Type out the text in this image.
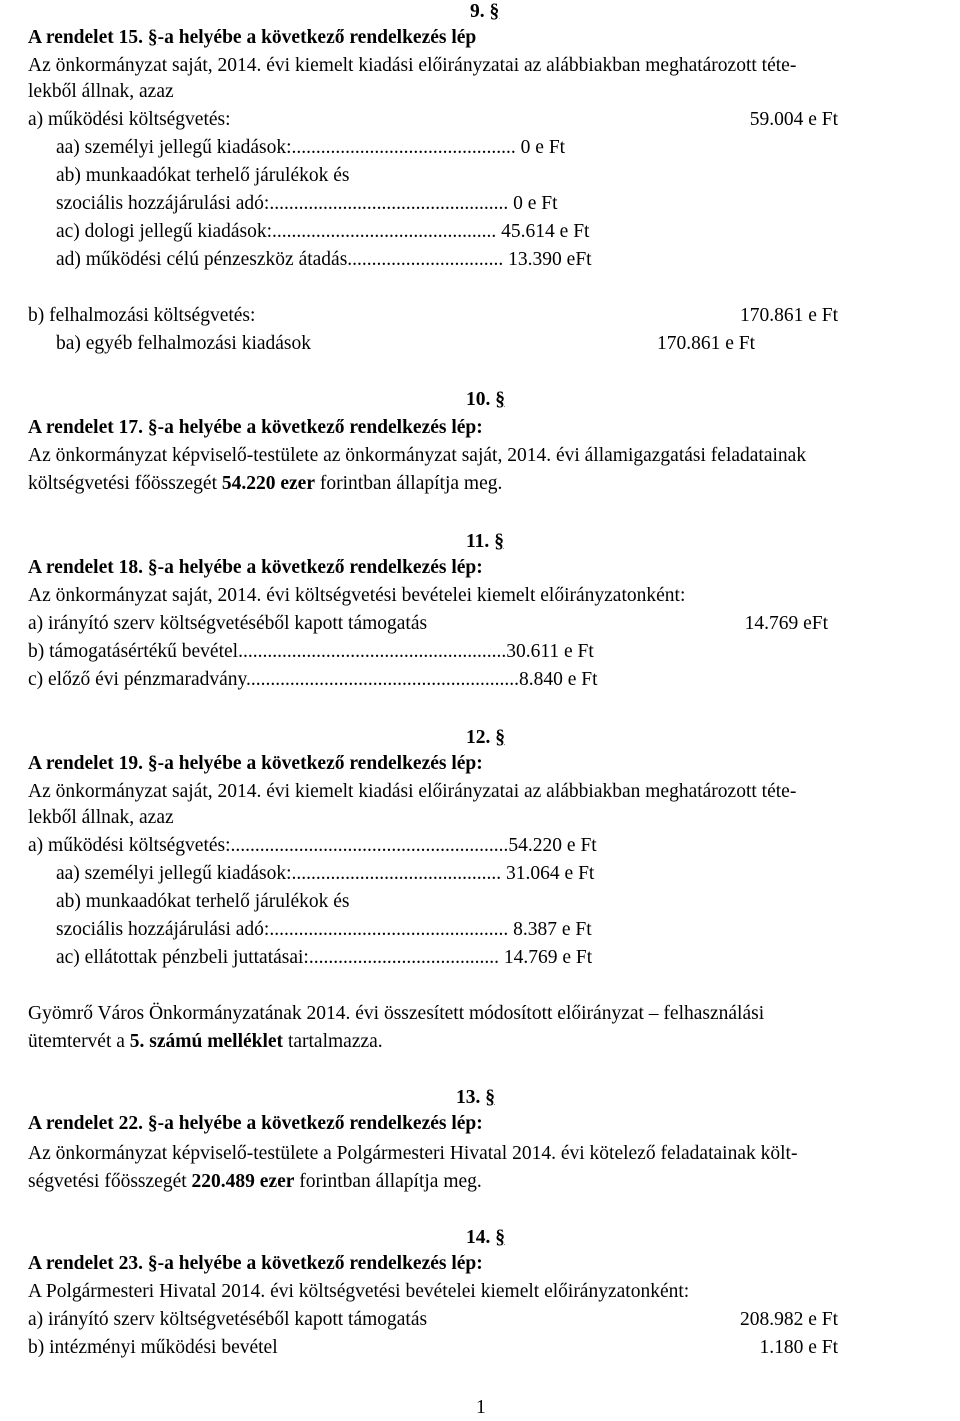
9. §
A rendelet 15. §-a helyébe a következő rendelkezés lép
Az önkormányzat saját, 2014. évi kiemelt kiadási előirányzatai az alábbiakban meghatározott téte-
lekből állnak, azaz
a) működési költségvetés:	59.004 e Ft
aa) személyi jellegű kiadások:.............................................. 0 e Ft
ab) munkaadókat terhelő járulékok és
szociális hozzájárulási adó:................................................. 0 e Ft
ac) dologi jellegű kiadások:.............................................. 45.614 e Ft
ad) működési célú pénzeszköz átadás................................ 13.390 eFt
b) felhalmozási költségvetés:	170.861 e Ft
ba) egyéb felhalmozási kiadások	170.861 e Ft
10. §
A rendelet 17. §-a helyébe a következő rendelkezés lép:
Az önkormányzat képviselő-testülete az önkormányzat saját, 2014. évi államigazgatási feladatainak
költségvetési főösszegét 54.220 ezer forintban állapítja meg.
11. §
A rendelet 18. §-a helyébe a következő rendelkezés lép:
Az önkormányzat saját, 2014. évi költségvetési bevételei kiemelt előirányzatonként:
a) irányító szerv költségvetéséből kapott támogatás	14.769 eFt
b) támogatásértékű bevétel.......................................................30.611 e Ft
c) előző évi pénzmaradvány........................................................8.840 e Ft
12. §
A rendelet 19. §-a helyébe a következő rendelkezés lép:
Az önkormányzat saját, 2014. évi kiemelt kiadási előirányzatai az alábbiakban meghatározott téte-
lekből állnak, azaz
a) működési költségvetés:.........................................................54.220 e Ft
aa) személyi jellegű kiadások:........................................... 31.064 e Ft
ab) munkaadókat terhelő járulékok és
szociális hozzájárulási adó:................................................. 8.387 e Ft
ac) ellátottak pénzbeli juttatásai:....................................... 14.769 e Ft
Gyömrő Város Önkormányzatának 2014. évi összesített módosított előirányzat – felhasználási
ütemtervét a 5. számú melléklet tartalmazza.
13. §
A rendelet 22. §-a helyébe a következő rendelkezés lép:
Az önkormányzat képviselő-testülete a Polgármesteri Hivatal 2014. évi kötelező feladatainak költ-
ségvetési főösszegét 220.489 ezer forintban állapítja meg.
14. §
A rendelet 23. §-a helyébe a következő rendelkezés lép:
A Polgármesteri Hivatal 2014. évi költségvetési bevételei kiemelt előirányzatonként:
a) irányító szerv költségvetéséből kapott támogatás	208.982 e Ft
b) intézményi működési bevétel	1.180 e Ft
1
